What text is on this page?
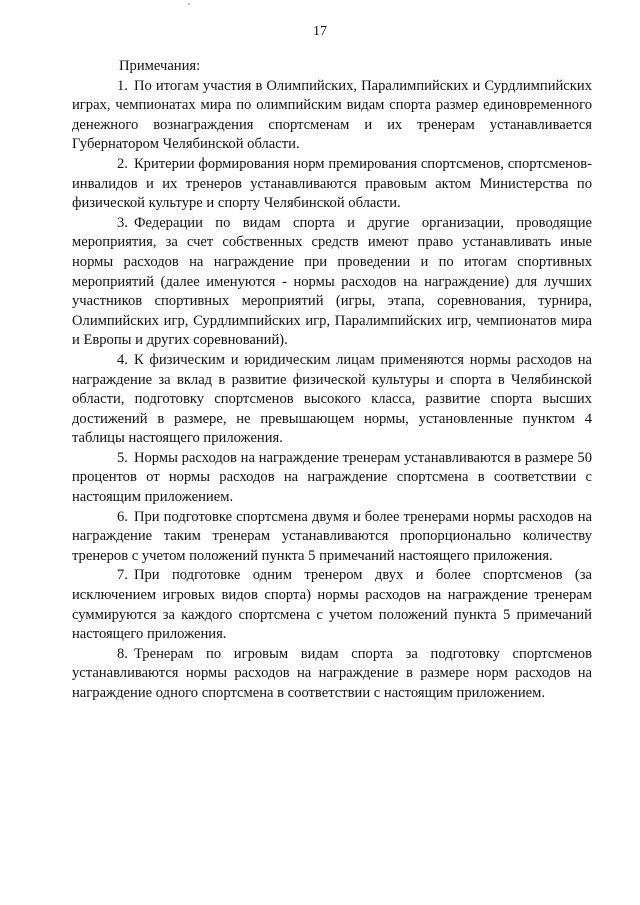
17

Примечания:

1. По итогам участия в Олимпийских, Паралимпийских и Сурдлимпийских играх, чемпионатах мира по олимпийским видам спорта размер единовременного денежного вознаграждения спортсменам и их тренерам устанавливается Губернатором Челябинской области.

2. Критерии формирования норм премирования спортсменов, спортсменов-инвалидов и их тренеров устанавливаются правовым актом Министерства по физической культуре и спорту Челябинской области.

3. Федерации по видам спорта и другие организации, проводящие мероприятия, за счет собственных средств имеют право устанавливать иные нормы расходов на награждение при проведении и по итогам спортивных мероприятий (далее именуются - нормы расходов на награждение) для лучших участников спортивных мероприятий (игры, этапа, соревнования, турнира, Олимпийских игр, Сурдлимпийских игр, Паралимпийских игр, чемпионатов мира и Европы и других соревнований).

4. К физическим и юридическим лицам применяются нормы расходов на награждение за вклад в развитие физической культуры и спорта в Челябинской области, подготовку спортсменов высокого класса, развитие спорта высших достижений в размере, не превышающем нормы, установленные пунктом 4 таблицы настоящего приложения.

5. Нормы расходов на награждение тренерам устанавливаются в размере 50 процентов от нормы расходов на награждение спортсмена в соответствии с настоящим приложением.

6. При подготовке спортсмена двумя и более тренерами нормы расходов на награждение таким тренерам устанавливаются пропорционально количеству тренеров с учетом положений пункта 5 примечаний настоящего приложения.

7. При подготовке одним тренером двух и более спортсменов (за исключением игровых видов спорта) нормы расходов на награждение тренерам суммируются за каждого спортсмена с учетом положений пункта 5 примечаний настоящего приложения.

8. Тренерам по игровым видам спорта за подготовку спортсменов устанавливаются нормы расходов на награждение в размере норм расходов на награждение одного спортсмена в соответствии с настоящим приложением.
